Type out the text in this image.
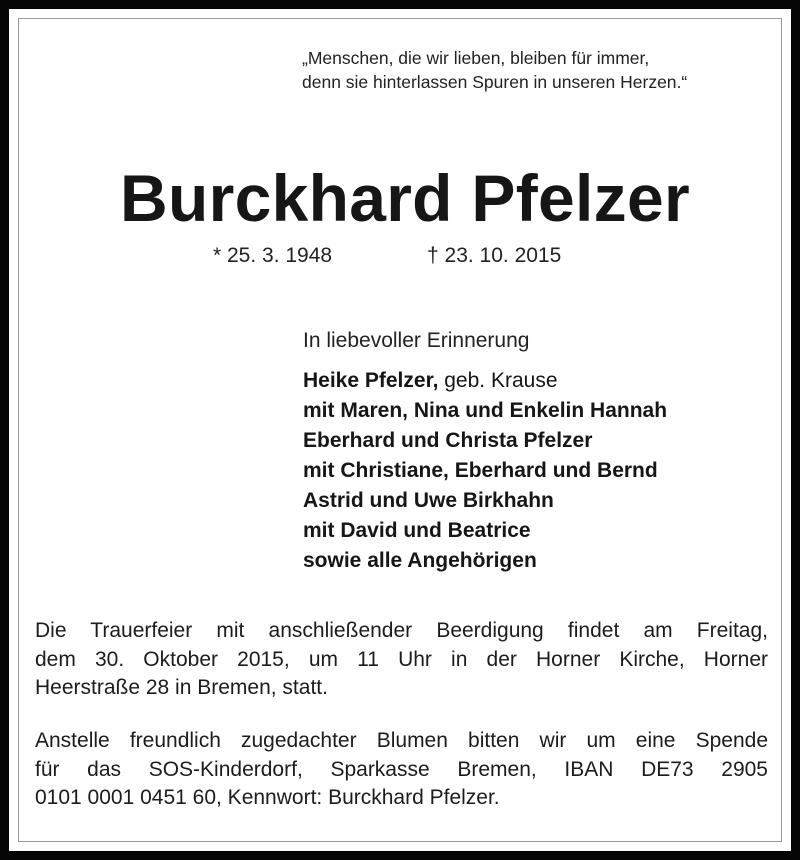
„Menschen, die wir lieben, bleiben für immer,
denn sie hinterlassen Spuren in unseren Herzen.“
Burckhard Pfelzer
* 25. 3. 1948	† 23. 10. 2015
In liebevoller Erinnerung
Heike Pfelzer, geb. Krause
mit Maren, Nina und Enkelin Hannah
Eberhard und Christa Pfelzer
mit Christiane, Eberhard und Bernd
Astrid und Uwe Birkhahn
mit David und Beatrice
sowie alle Angehörigen
Die Trauerfeier mit anschließender Beerdigung findet am Freitag,
dem 30. Oktober 2015, um 11 Uhr in der Horner Kirche, Horner
Heerstraße 28 in Bremen, statt.
Anstelle freundlich zugedachter Blumen bitten wir um eine Spende
für das SOS-Kinderdorf, Sparkasse Bremen, IBAN DE73 2905
0101 0001 0451 60, Kennwort: Burckhard Pfelzer.
